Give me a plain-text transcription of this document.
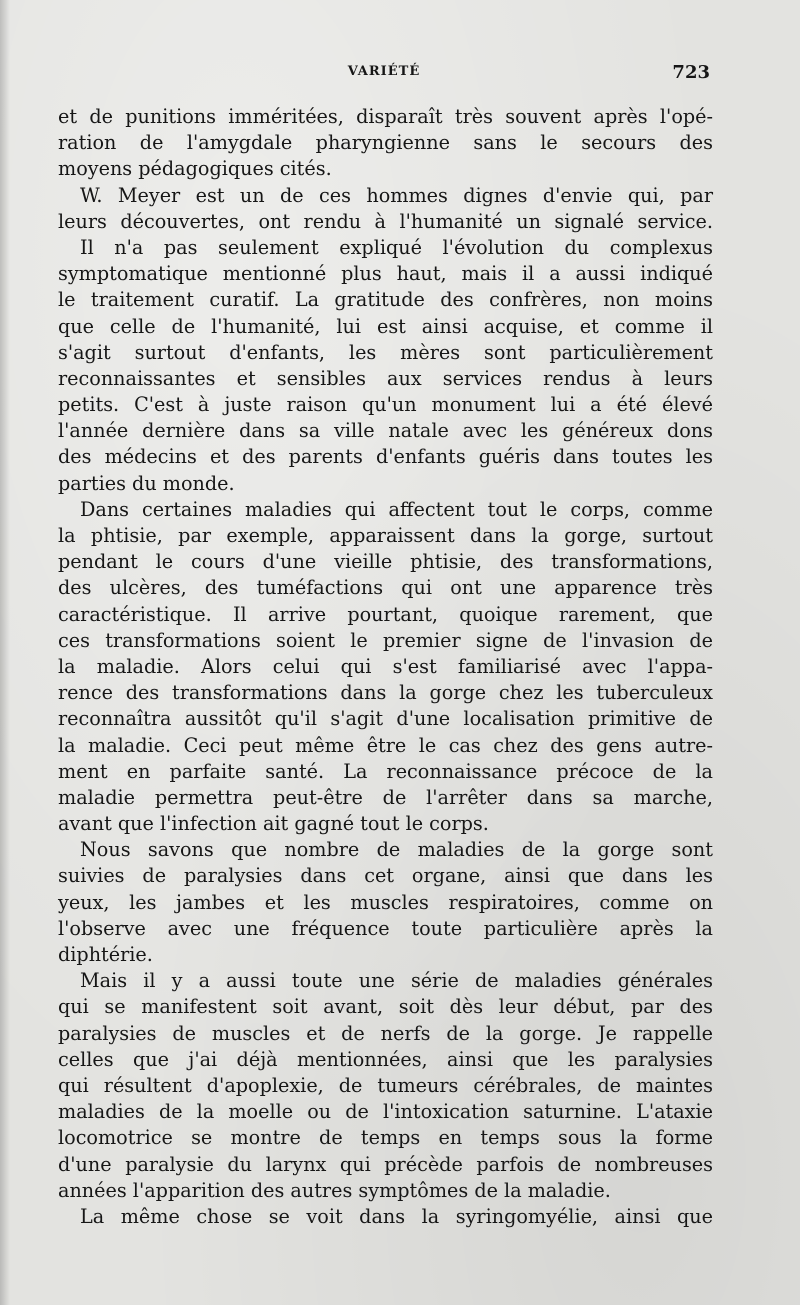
VARIÉTÉ	723
et de punitions imméritées, disparaît très souvent après l'opé-
ration de l'amygdale pharyngienne sans le secours des
moyens pédagogiques cités.
W. Meyer est un de ces hommes dignes d'envie qui, par
leurs découvertes, ont rendu à l'humanité un signalé service.
Il n'a pas seulement expliqué l'évolution du complexus
symptomatique mentionné plus haut, mais il a aussi indiqué
le traitement curatif. La gratitude des confrères, non moins
que celle de l'humanité, lui est ainsi acquise, et comme il
s'agit surtout d'enfants, les mères sont particulièrement
reconnaissantes et sensibles aux services rendus à leurs
petits. C'est à juste raison qu'un monument lui a été élevé
l'année dernière dans sa ville natale avec les généreux dons
des médecins et des parents d'enfants guéris dans toutes les
parties du monde.
Dans certaines maladies qui affectent tout le corps, comme
la phtisie, par exemple, apparaissent dans la gorge, surtout
pendant le cours d'une vieille phtisie, des transformations,
des ulcères, des tuméfactions qui ont une apparence très
caractéristique. Il arrive pourtant, quoique rarement, que
ces transformations soient le premier signe de l'invasion de
la maladie. Alors celui qui s'est familiarisé avec l'appa-
rence des transformations dans la gorge chez les tuberculeux
reconnaîtra aussitôt qu'il s'agit d'une localisation primitive de
la maladie. Ceci peut même être le cas chez des gens autre-
ment en parfaite santé. La reconnaissance précoce de la
maladie permettra peut-être de l'arrêter dans sa marche,
avant que l'infection ait gagné tout le corps.
Nous savons que nombre de maladies de la gorge sont
suivies de paralysies dans cet organe, ainsi que dans les
yeux, les jambes et les muscles respiratoires, comme on
l'observe avec une fréquence toute particulière après la
diphtérie.
Mais il y a aussi toute une série de maladies générales
qui se manifestent soit avant, soit dès leur début, par des
paralysies de muscles et de nerfs de la gorge. Je rappelle
celles que j'ai déjà mentionnées, ainsi que les paralysies
qui résultent d'apoplexie, de tumeurs cérébrales, de maintes
maladies de la moelle ou de l'intoxication saturnine. L'ataxie
locomotrice se montre de temps en temps sous la forme
d'une paralysie du larynx qui précède parfois de nombreuses
années l'apparition des autres symptômes de la maladie.
La même chose se voit dans la syringomyélie, ainsi que
